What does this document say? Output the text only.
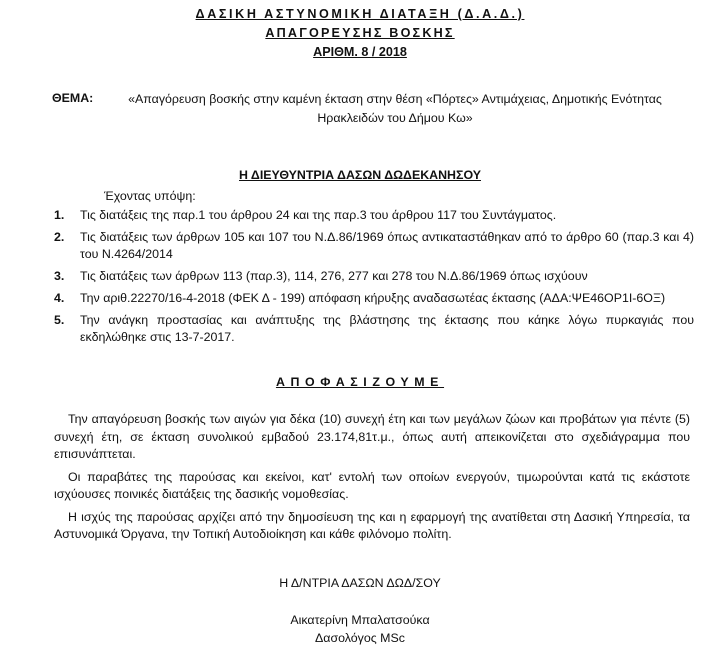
ΔΑΣΙΚΗ ΑΣΤΥΝΟΜΙΚΗ ΔΙΑΤΑΞΗ (Δ.Α.Δ.)
ΑΠΑΓΟΡΕΥΣΗΣ ΒΟΣΚΗΣ
ΑΡΙΘΜ. 8 / 2018
ΘΕΜΑ:	«Απαγόρευση βοσκής στην καμένη έκταση στην θέση «Πόρτες» Αντιμάχειας, Δημοτικής Ενότητας Ηρακλειδών του Δήμου Κω»
Η ΔΙΕΥΘΥΝΤΡΙΑ ΔΑΣΩΝ ΔΩΔΕΚΑΝΗΣΟΥ
Έχοντας υπόψη:
1. Τις διατάξεις της παρ.1 του άρθρου 24 και της παρ.3 του άρθρου 117 του Συντάγματος.
2. Τις διατάξεις των άρθρων 105 και 107 του Ν.Δ.86/1969 όπως αντικαταστάθηκαν από το άρθρο 60 (παρ.3 και 4) του Ν.4264/2014
3. Τις διατάξεις των άρθρων 113 (παρ.3), 114, 276, 277 και 278 του Ν.Δ.86/1969 όπως ισχύουν
4. Την αριθ.22270/16-4-2018 (ΦΕΚ Δ - 199) απόφαση κήρυξης αναδασωτέας έκτασης (ΑΔΑ:ΨΕ46ΟΡ1Ι-6ΟΞ)
5. Την ανάγκη προστασίας και ανάπτυξης της βλάστησης της έκτασης που κάηκε λόγω πυρκαγιάς που εκδηλώθηκε στις 13-7-2017.
ΑΠΟΦΑΣΙΖΟΥΜΕ

Την απαγόρευση βοσκής των αιγών για δέκα (10) συνεχή έτη και των μεγάλων ζώων και προβάτων για πέντε (5) συνεχή έτη, σε έκταση συνολικού εμβαδού 23.174,81τ.μ., όπως αυτή απεικονίζεται στο σχεδιάγραμμα που επισυνάπτεται.

Οι παραβάτες της παρούσας και εκείνοι, κατ' εντολή των οποίων ενεργούν, τιμωρούνται κατά τις εκάστοτε ισχύουσες ποινικές διατάξεις της δασικής νομοθεσίας.

Η ισχύς της παρούσας αρχίζει από την δημοσίευση της και η εφαρμογή της ανατίθεται στη Δασική Υπηρεσία, τα Αστυνομικά Όργανα, την Τοπική Αυτοδιοίκηση και κάθε φιλόνομο πολίτη.

Η Δ/ΝΤΡΙΑ ΔΑΣΩΝ ΔΩΔ/ΣΟΥ
Αικατερίνη Μπαλατσούκα
Δασολόγος MSc
